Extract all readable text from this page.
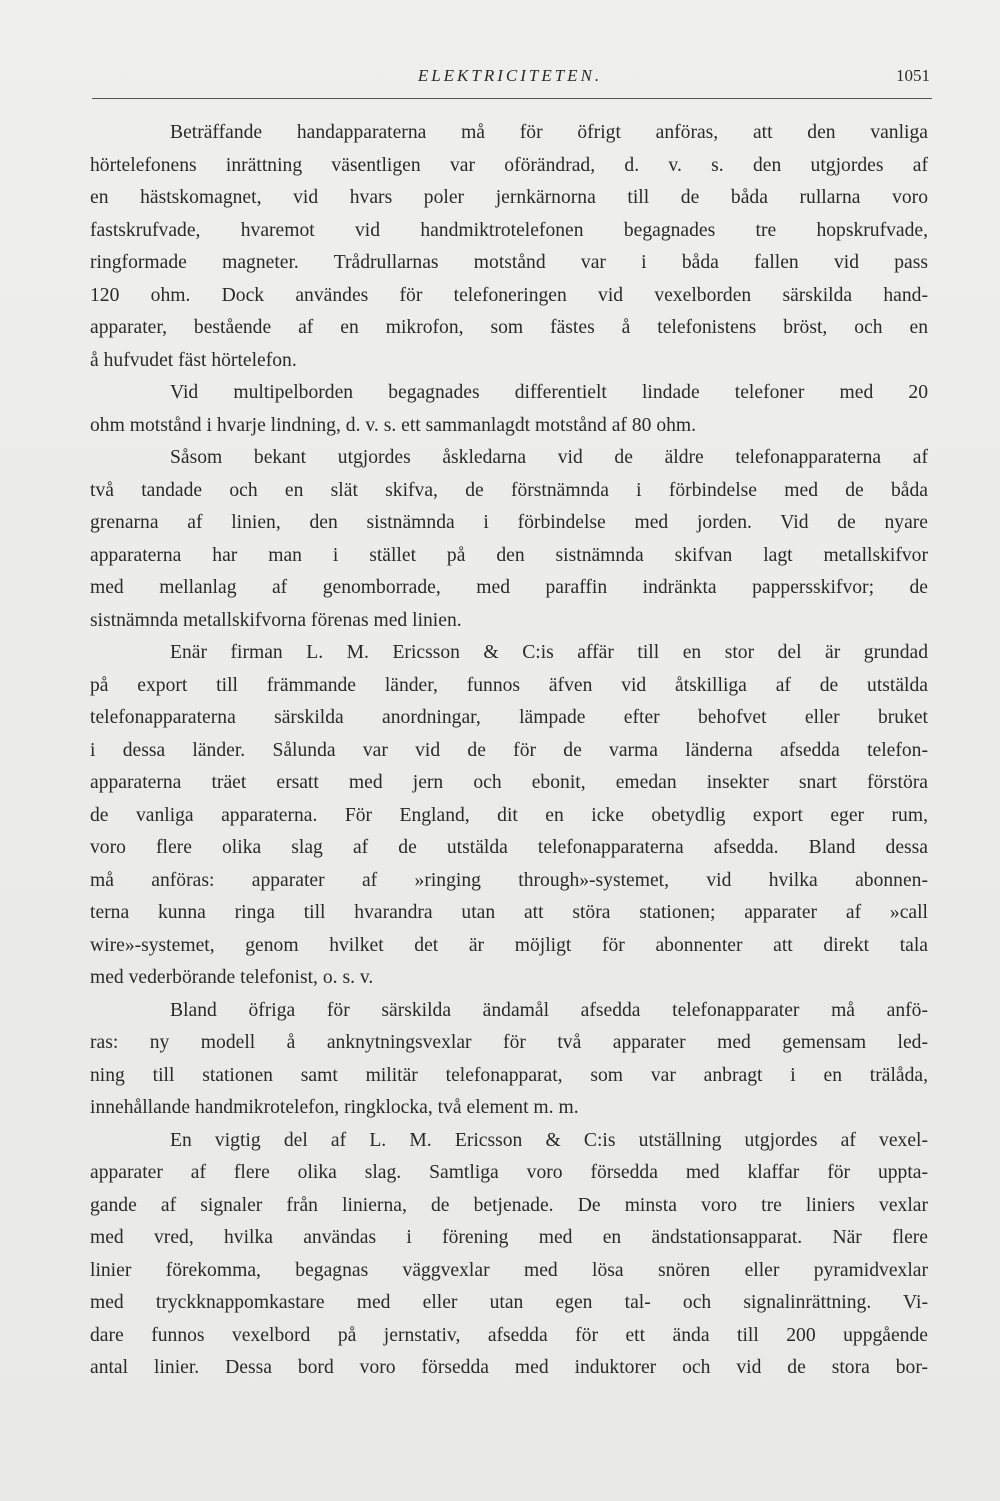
ELEKTRICITETEN.	1051
Beträffande handapparaterna må för öfrigt anföras, att den vanliga
hörtelefonens inrättning väsentligen var oförändrad, d. v. s. den utgjordes af
en hästskomagnet, vid hvars poler jernkärnorna till de båda rullarna voro
fastskrufvade, hvaremot vid handmiktrotelefonen begagnades tre hopskrufvade,
ringformade magneter. Trådrullarnas motstånd var i båda fallen vid pass
120 ohm. Dock användes för telefoneringen vid vexelborden särskilda hand-
apparater, bestående af en mikrofon, som fästes å telefonistens bröst, och en
å hufvudet fäst hörtelefon.
Vid multipelborden begagnades differentielt lindade telefoner med 20
ohm motstånd i hvarje lindning, d. v. s. ett sammanlagdt motstånd af 80 ohm.
Såsom bekant utgjordes åskledarna vid de äldre telefonapparaterna af
två tandade och en slät skifva, de förstnämnda i förbindelse med de båda
grenarna af linien, den sistnämnda i förbindelse med jorden. Vid de nyare
apparaterna har man i stället på den sistnämnda skifvan lagt metallskifvor
med mellanlag af genomborrade, med paraffin indränkta pappersskifvor; de
sistnämnda metallskifvorna förenas med linien.
Enär firman L. M. Ericsson & C:is affär till en stor del är grundad
på export till främmande länder, funnos äfven vid åtskilliga af de utstälda
telefonapparaterna särskilda anordningar, lämpade efter behofvet eller bruket
i dessa länder. Sålunda var vid de för de varma länderna afsedda telefon-
apparaterna träet ersatt med jern och ebonit, emedan insekter snart förstöra
de vanliga apparaterna. För England, dit en icke obetydlig export eger rum,
voro flere olika slag af de utstälda telefonapparaterna afsedda. Bland dessa
må anföras: apparater af »ringing through»-systemet, vid hvilka abonnen-
terna kunna ringa till hvarandra utan att störa stationen; apparater af »call
wire»-systemet, genom hvilket det är möjligt för abonnenter att direkt tala
med vederbörande telefonist, o. s. v.
Bland öfriga för särskilda ändamål afsedda telefonapparater må anfö-
ras: ny modell å anknytningsvexlar för två apparater med gemensam led-
ning till stationen samt militär telefonapparat, som var anbragt i en trälåda,
innehållande handmikrotelefon, ringklocka, två element m. m.
En vigtig del af L. M. Ericsson & C:is utställning utgjordes af vexel-
apparater af flere olika slag. Samtliga voro försedda med klaffar för uppta-
gande af signaler från linierna, de betjenade. De minsta voro tre liniers vexlar
med vred, hvilka användas i förening med en ändstationsapparat. När flere
linier förekomma, begagnas väggvexlar med lösa snören eller pyramidvexlar
med tryckknappomkastare med eller utan egen tal- och signalinrättning. Vi-
dare funnos vexelbord på jernstativ, afsedda för ett ända till 200 uppgående
antal linier. Dessa bord voro försedda med induktorer och vid de stora bor-
